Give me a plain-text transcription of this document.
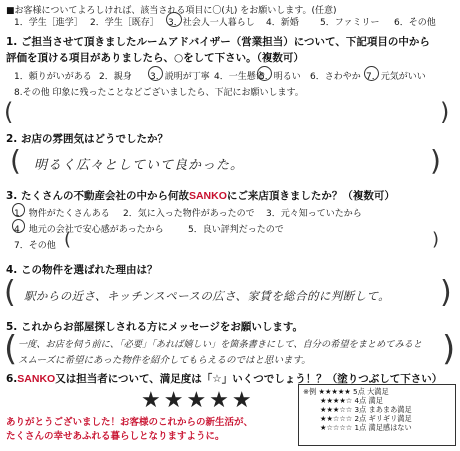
■お客様についてよろしければ、該当される項目に〇(丸) をお願いします。(任意)
1．学生［進学］ 2．学生［既存］ 3．社会人一人暮らし 4．新婚 5．ファミリー 6．その他
1. ご担当させて頂きましたルームアドバイザー（営業担当）について、下記項目の中から
評価を頂ける項目がありましたら、○をして下さい。（複数可）
1．頼りがいがある 2．親身 3．説明が丁寧 4．一生懸命
5．明るい 6．さわやか 7．元気がいい
8.その他 印象に残ったことなどございましたら、下記にお願いします。
(	)
2. お店の雰囲気はどうでしたか？
( 明るく広々としていて良かった。	)
3. たくさんの不動産会社の中から何故SANKOにご来店頂きましたか？（複数可）
1．物件がたくさんある 2．気に入った物件があったので 3．元々知っていたから
4．地元の会社で安心感があったから	5．良い評判だったので
7．その他 (	)
4. この物件を選ばれた理由は？
( 駅からの近さ、キッチンスペースの広さ、家賃を総合的に判断して。 )
5. これからお部屋探しされる方にメッセージをお願いします。
( 一度、お店を伺う前に、「必要」「あれば嬉しい」を箇条書きにして、自分の希望をまとめてみると
スムーズに希望にあった物件を紹介してもらえるのではと思います。	)
6.SANKO又は担当者について、満足度は「☆」いくつでしょう！？（塗りつぶして下さい）
★★★★★	※例 ★★★★★ 5点 大満足
★★★★☆ 4点 満足
★★★☆☆ 3点 まあまあ満足
★★☆☆☆ 2点 ギリギリ満足
★☆☆☆☆ 1点 満足感はない
ありがとうございました！お客様のこれからの新生活が、
たくさんの幸せあふれる暮らしとなりますように。
